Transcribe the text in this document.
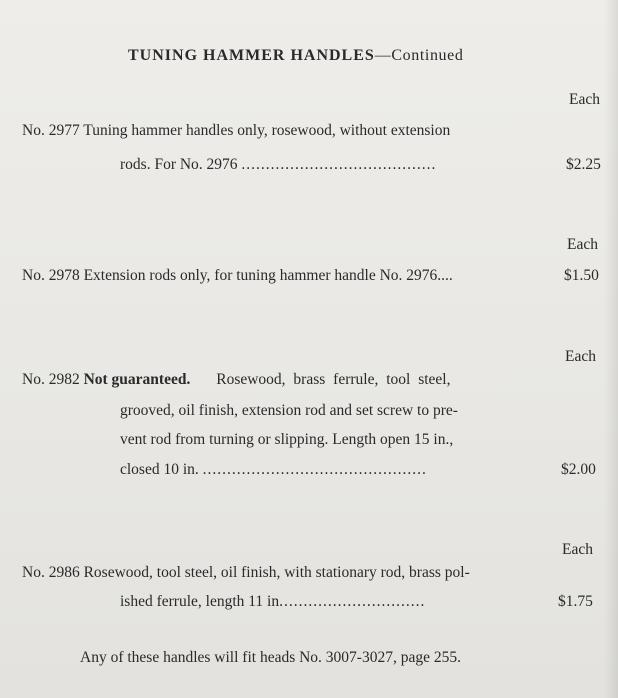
TUNING HAMMER HANDLES—Continued
Each
No. 2977 Tuning hammer handles only, rosewood, without extension
rods. For No. 2976 ........................................	$2.25
Each
No. 2978 Extension rods only, for tuning hammer handle No. 2976....	$1.50
Each
No. 2982 Not guaranteed. Rosewood, brass ferrule, tool steel,
grooved, oil finish, extension rod and set screw to pre-
vent rod from turning or slipping. Length open 15 in.,
closed 10 in. ..............................................	$2.00
Each
No. 2986 Rosewood, tool steel, oil finish, with stationary rod, brass pol-
ished ferrule, length 11 in..............................	$1.75
Any of these handles will fit heads No. 3007-3027, page 255.
